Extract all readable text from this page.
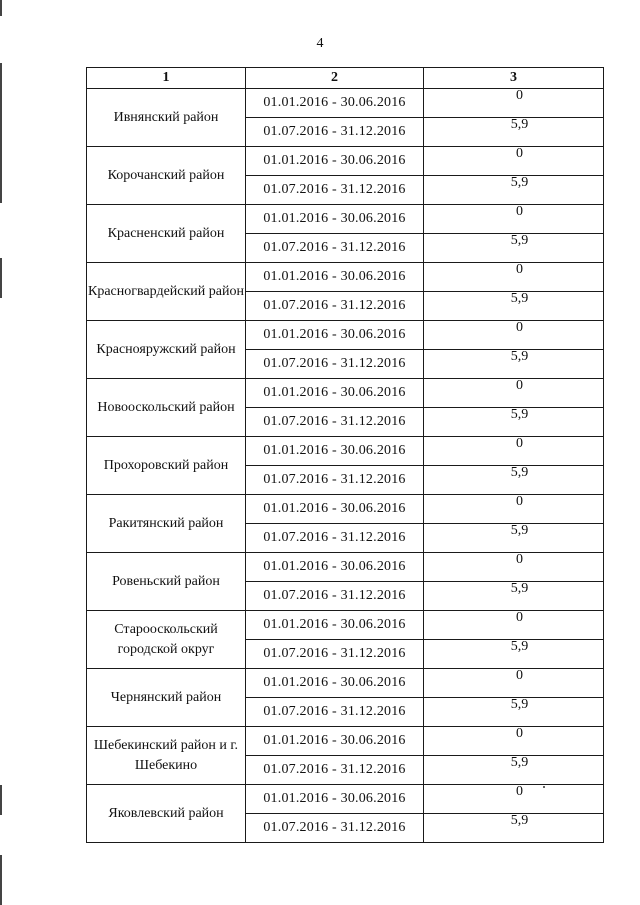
4
1	2	3
Ивнянский район	01.01.2016 - 30.06.2016	0
	01.07.2016 - 31.12.2016	5,9
Корочанский район	01.01.2016 - 30.06.2016	0
	01.07.2016 - 31.12.2016	5,9
Красненский район	01.01.2016 - 30.06.2016	0
	01.07.2016 - 31.12.2016	5,9
Красногвардейский район	01.01.2016 - 30.06.2016	0
	01.07.2016 - 31.12.2016	5,9
Краснояружский район	01.01.2016 - 30.06.2016	0
	01.07.2016 - 31.12.2016	5,9
Новооскольский район	01.01.2016 - 30.06.2016	0
	01.07.2016 - 31.12.2016	5,9
Прохоровский район	01.01.2016 - 30.06.2016	0
	01.07.2016 - 31.12.2016	5,9
Ракитянский район	01.01.2016 - 30.06.2016	0
	01.07.2016 - 31.12.2016	5,9
Ровеньский район	01.01.2016 - 30.06.2016	0
	01.07.2016 - 31.12.2016	5,9
Старооскольский городской округ	01.01.2016 - 30.06.2016	0
	01.07.2016 - 31.12.2016	5,9
Чернянский район	01.01.2016 - 30.06.2016	0
	01.07.2016 - 31.12.2016	5,9
Шебекинский район и г. Шебекино	01.01.2016 - 30.06.2016	0
	01.07.2016 - 31.12.2016	5,9
Яковлевский район	01.01.2016 - 30.06.2016	0
	01.07.2016 - 31.12.2016	5,9
